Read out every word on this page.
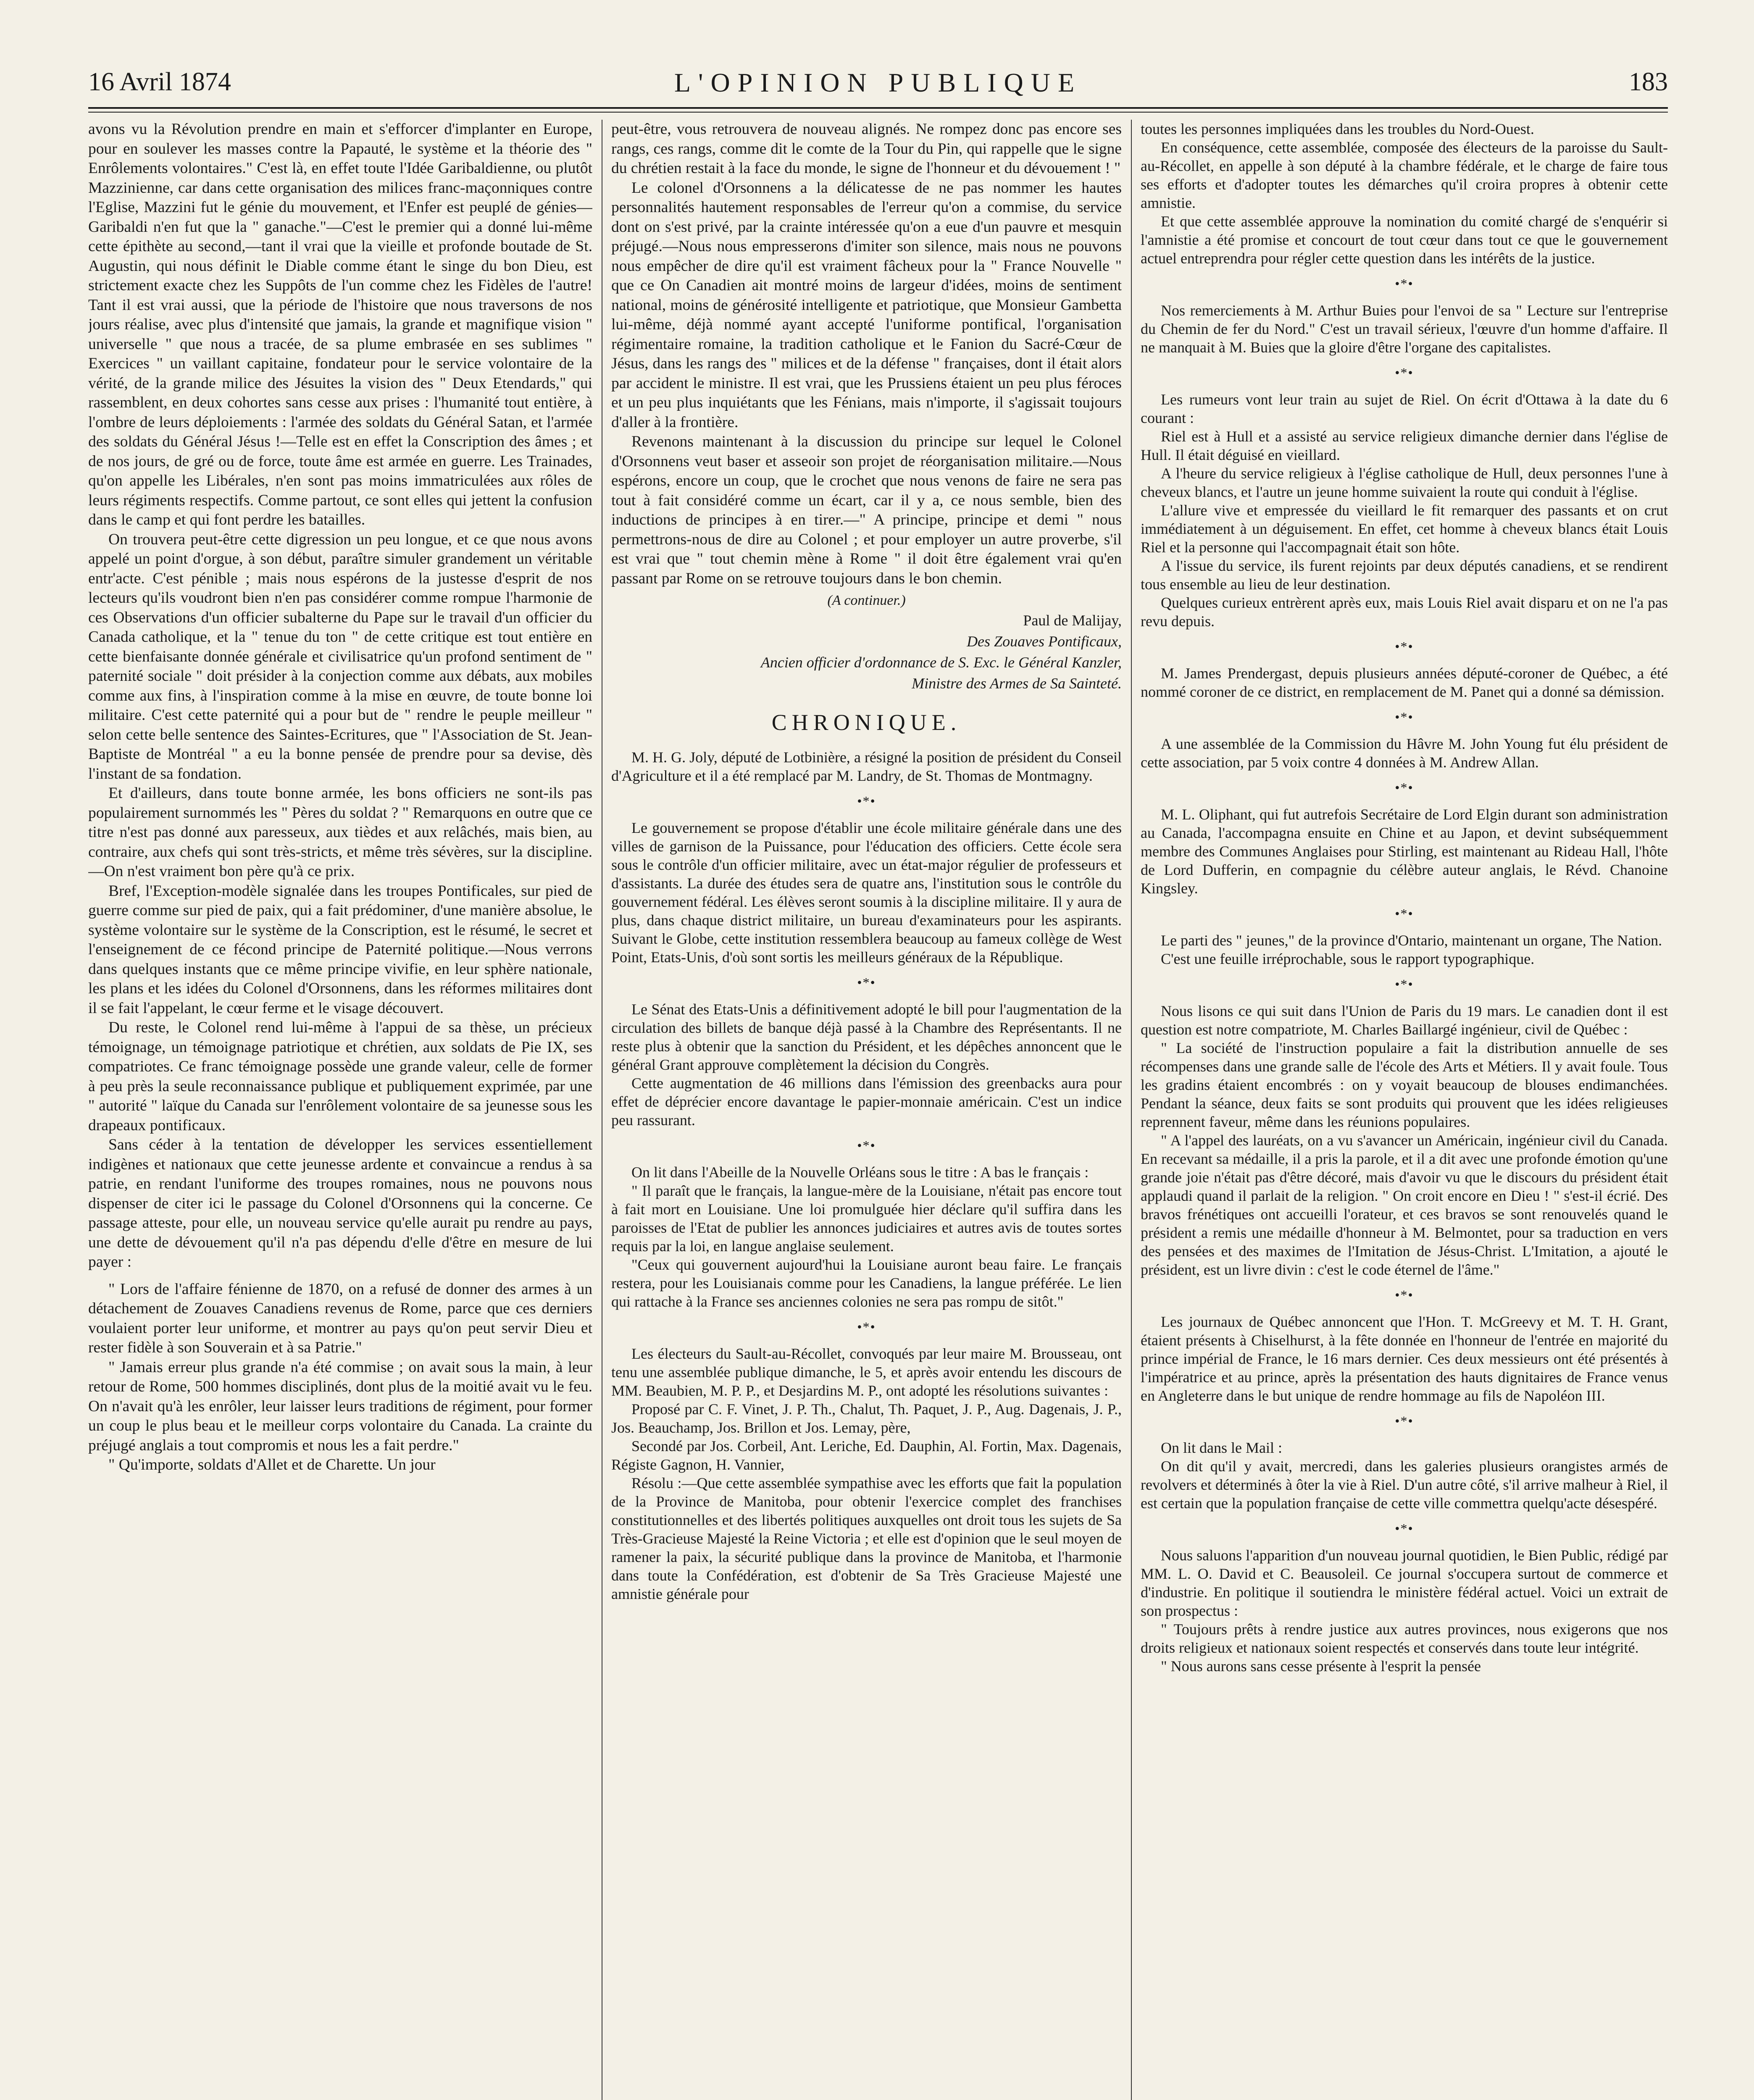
16 Avril 1874	L'OPINION PUBLIQUE	183

avons vu la Révolution prendre en main et s'efforcer d'implanter en Europe, pour en soulever les masses contre la Papauté, le système et la théorie des " Enrôlements volontaires." C'est là, en effet toute l'Idée Garibaldienne, ou plutôt Mazzinienne, car dans cette organisation des milices franc-maçonniques contre l'Eglise, Mazzini fut le génie du mouvement, et l'Enfer est peuplé de génies—Garibaldi n'en fut que la " ganache."—C'est le premier qui a donné lui-même cette épithète au second,—tant il vrai que la vieille et profonde boutade de St. Augustin, qui nous définit le Diable comme étant le singe du bon Dieu, est strictement exacte chez les Suppôts de l'un comme chez les Fidèles de l'autre! Tant il est vrai aussi, que la période de l'histoire que nous traversons de nos jours réalise, avec plus d'intensité que jamais, la grande et magnifique vision " universelle " que nous a tracée, de sa plume embrasée en ses sublimes " Exercices " un vaillant capitaine, fondateur pour le service volontaire de la vérité, de la grande milice des Jésuites la vision des " Deux Etendards," qui rassemblent, en deux cohortes sans cesse aux prises : l'humanité tout entière, à l'ombre de leurs déploiements : l'armée des soldats du Général Satan, et l'armée des soldats du Général Jésus !—Telle est en effet la Conscription des âmes ; et de nos jours, de gré ou de force, toute âme est armée en guerre. Les Trainades, qu'on appelle les Libérales, n'en sont pas moins immatriculées aux rôles de leurs régiments respectifs. Comme partout, ce sont elles qui jettent la confusion dans le camp et qui font perdre les batailles.

On trouvera peut-être cette digression un peu longue, et ce que nous avons appelé un point d'orgue, à son début, paraître simuler grandement un véritable entr'acte. C'est pénible ; mais nous espérons de la justesse d'esprit de nos lecteurs qu'ils voudront bien n'en pas considérer comme rompue l'harmonie de ces Observations d'un officier subalterne du Pape sur le travail d'un officier du Canada catholique, et la " tenue du ton " de cette critique est tout entière en cette bienfaisante donnée générale et civilisatrice qu'un profond sentiment de " paternité sociale " doit présider à la conjection comme aux débats, aux mobiles comme aux fins, à l'inspiration comme à la mise en œuvre, de toute bonne loi militaire. C'est cette paternité qui a pour but de " rendre le peuple meilleur " selon cette belle sentence des Saintes-Ecritures, que " l'Association de St. Jean-Baptiste de Montréal " a eu la bonne pensée de prendre pour sa devise, dès l'instant de sa fondation.

Et d'ailleurs, dans toute bonne armée, les bons officiers ne sont-ils pas populairement surnommés les " Pères du soldat ? " Remarquons en outre que ce titre n'est pas donné aux paresseux, aux tièdes et aux relâchés, mais bien, au contraire, aux chefs qui sont très-stricts, et même très sévères, sur la discipline.—On n'est vraiment bon père qu'à ce prix.

Bref, l'Exception-modèle signalée dans les troupes Pontificales, sur pied de guerre comme sur pied de paix, qui a fait prédominer, d'une manière absolue, le système volontaire sur le système de la Conscription, est le résumé, le secret et l'enseignement de ce fécond principe de Paternité politique.—Nous verrons dans quelques instants que ce même principe vivifie, en leur sphère nationale, les plans et les idées du Colonel d'Orsonnens, dans les réformes militaires dont il se fait l'appelant, le cœur ferme et le visage découvert.

Du reste, le Colonel rend lui-même à l'appui de sa thèse, un précieux témoignage, un témoignage patriotique et chrétien, aux soldats de Pie IX, ses compatriotes. Ce franc témoignage possède une grande valeur, celle de former à peu près la seule reconnaissance publique et publiquement exprimée, par une " autorité " laïque du Canada sur l'enrôlement volontaire de sa jeunesse sous les drapeaux pontificaux.

Sans céder à la tentation de développer les services essentiellement indigènes et nationaux que cette jeunesse ardente et convaincue a rendus à sa patrie, en rendant l'uniforme des troupes romaines, nous ne pouvons nous dispenser de citer ici le passage du Colonel d'Orsonnens qui la concerne. Ce passage atteste, pour elle, un nouveau service qu'elle aurait pu rendre au pays, une dette de dévouement qu'il n'a pas dépendu d'elle d'être en mesure de lui payer :

" Lors de l'affaire fénienne de 1870, on a refusé de donner des armes à un détachement de Zouaves Canadiens revenus de Rome, parce que ces derniers voulaient porter leur uniforme, et montrer au pays qu'on peut servir Dieu et rester fidèle à son Souverain et à sa Patrie."

" Jamais erreur plus grande n'a été commise ; on avait sous la main, à leur retour de Rome, 500 hommes disciplinés, dont plus de la moitié avait vu le feu. On n'avait qu'à les enrôler, leur laisser leurs traditions de régiment, pour former un coup le plus beau et le meilleur corps volontaire du Canada. La crainte du préjugé anglais a tout compromis et nous les a fait perdre."

" Qu'importe, soldats d'Allet et de Charette. Un jour

peut-être, vous retrouvera de nouveau alignés. Ne rompez donc pas encore ses rangs, ces rangs, comme dit le comte de la Tour du Pin, qui rappelle que le signe du chrétien restait à la face du monde, le signe de l'honneur et du dévouement ! "

Le colonel d'Orsonnens a la délicatesse de ne pas nommer les hautes personnalités hautement responsables de l'erreur qu'on a commise, du service dont on s'est privé, par la crainte intéressée qu'on a eue d'un pauvre et mesquin préjugé.—Nous nous empresserons d'imiter son silence, mais nous ne pouvons nous empêcher de dire qu'il est vraiment fâcheux pour la " France Nouvelle " que ce On Canadien ait montré moins de largeur d'idées, moins de sentiment national, moins de générosité intelligente et patriotique, que Monsieur Gambetta lui-même, déjà nommé ayant accepté l'uniforme pontifical, l'organisation régimentaire romaine, la tradition catholique et le Fanion du Sacré-Cœur de Jésus, dans les rangs des " milices et de la défense " françaises, dont il était alors par accident le ministre. Il est vrai, que les Prussiens étaient un peu plus féroces et un peu plus inquiétants que les Fénians, mais n'importe, il s'agissait toujours d'aller à la frontière.

Revenons maintenant à la discussion du principe sur lequel le Colonel d'Orsonnens veut baser et asseoir son projet de réorganisation militaire.—Nous espérons, encore un coup, que le crochet que nous venons de faire ne sera pas tout à fait considéré comme un écart, car il y a, ce nous semble, bien des inductions de principes à en tirer.—" A principe, principe et demi " nous permettrons-nous de dire au Colonel ; et pour employer un autre proverbe, s'il est vrai que " tout chemin mène à Rome " il doit être également vrai qu'en passant par Rome on se retrouve toujours dans le bon chemin.

(A continuer.)
Paul de Malijay,
Des Zouaves Pontificaux,
Ancien officier d'ordonnance de S. Exc. le Général Kanzler,
Ministre des Armes de Sa Sainteté.
CHRONIQUE.

M. H. G. Joly, député de Lotbinière, a résigné la position de président du Conseil d'Agriculture et il a été remplacé par M. Landry, de St. Thomas de Montmagny.

•*•

Le gouvernement se propose d'établir une école militaire générale dans une des villes de garnison de la Puissance, pour l'éducation des officiers. Cette école sera sous le contrôle d'un officier militaire, avec un état-major régulier de professeurs et d'assistants. La durée des études sera de quatre ans, l'institution sous le contrôle du gouvernement fédéral. Les élèves seront soumis à la discipline militaire. Il y aura de plus, dans chaque district militaire, un bureau d'examinateurs pour les aspirants. Suivant le Globe, cette institution ressemblera beaucoup au fameux collège de West Point, Etats-Unis, d'où sont sortis les meilleurs généraux de la République.

•*•

Le Sénat des Etats-Unis a définitivement adopté le bill pour l'augmentation de la circulation des billets de banque déjà passé à la Chambre des Représentants. Il ne reste plus à obtenir que la sanction du Président, et les dépêches annoncent que le général Grant approuve complètement la décision du Congrès.

Cette augmentation de 46 millions dans l'émission des greenbacks aura pour effet de déprécier encore davantage le papier-monnaie américain. C'est un indice peu rassurant.

•*•

On lit dans l'Abeille de la Nouvelle Orléans sous le titre : A bas le français :

" Il paraît que le français, la langue-mère de la Louisiane, n'était pas encore tout à fait mort en Louisiane. Une loi promulguée hier déclare qu'il suffira dans les paroisses de l'Etat de publier les annonces judiciaires et autres avis de toutes sortes requis par la loi, en langue anglaise seulement.

"Ceux qui gouvernent aujourd'hui la Louisiane auront beau faire. Le français restera, pour les Louisianais comme pour les Canadiens, la langue préférée. Le lien qui rattache à la France ses anciennes colonies ne sera pas rompu de sitôt."

•*•

Les électeurs du Sault-au-Récollet, convoqués par leur maire M. Brousseau, ont tenu une assemblée publique dimanche, le 5, et après avoir entendu les discours de MM. Beaubien, M. P. P., et Desjardins M. P., ont adopté les résolutions suivantes :

Proposé par C. F. Vinet, J. P. Th., Chalut, Th. Paquet, J. P., Aug. Dagenais, J. P., Jos. Beauchamp, Jos. Brillon et Jos. Lemay, père,

Secondé par Jos. Corbeil, Ant. Leriche, Ed. Dauphin, Al. Fortin, Max. Dagenais, Régiste Gagnon, H. Vannier,

Résolu :—Que cette assemblée sympathise avec les efforts que fait la population de la Province de Manitoba, pour obtenir l'exercice complet des franchises constitutionnelles et des libertés politiques auxquelles ont droit tous les sujets de Sa Très-Gracieuse Majesté la Reine Victoria ; et elle est d'opinion que le seul moyen de ramener la paix, la sécurité publique dans la province de Manitoba, et l'harmonie dans toute la Confédération, est d'obtenir de Sa Très Gracieuse Majesté une amnistie générale pour

toutes les personnes impliquées dans les troubles du Nord-Ouest.

En conséquence, cette assemblée, composée des électeurs de la paroisse du Sault-au-Récollet, en appelle à son député à la chambre fédérale, et le charge de faire tous ses efforts et d'adopter toutes les démarches qu'il croira propres à obtenir cette amnistie.

Et que cette assemblée approuve la nomination du comité chargé de s'enquérir si l'amnistie a été promise et concourt de tout cœur dans tout ce que le gouvernement actuel entreprendra pour régler cette question dans les intérêts de la justice.

•*•

Nos remerciements à M. Arthur Buies pour l'envoi de sa " Lecture sur l'entreprise du Chemin de fer du Nord." C'est un travail sérieux, l'œuvre d'un homme d'affaire. Il ne manquait à M. Buies que la gloire d'être l'organe des capitalistes.

•*•

Les rumeurs vont leur train au sujet de Riel. On écrit d'Ottawa à la date du 6 courant :

Riel est à Hull et a assisté au service religieux dimanche dernier dans l'église de Hull. Il était déguisé en vieillard.

A l'heure du service religieux à l'église catholique de Hull, deux personnes l'une à cheveux blancs, et l'autre un jeune homme suivaient la route qui conduit à l'église.

L'allure vive et empressée du vieillard le fit remarquer des passants et on crut immédiatement à un déguisement. En effet, cet homme à cheveux blancs était Louis Riel et la personne qui l'accompagnait était son hôte.

A l'issue du service, ils furent rejoints par deux députés canadiens, et se rendirent tous ensemble au lieu de leur destination.

Quelques curieux entrèrent après eux, mais Louis Riel avait disparu et on ne l'a pas revu depuis.

•*•

M. James Prendergast, depuis plusieurs années député-coroner de Québec, a été nommé coroner de ce district, en remplacement de M. Panet qui a donné sa démission.

•*•

A une assemblée de la Commission du Hâvre M. John Young fut élu président de cette association, par 5 voix contre 4 données à M. Andrew Allan.

•*•

M. L. Oliphant, qui fut autrefois Secrétaire de Lord Elgin durant son administration au Canada, l'accompagna ensuite en Chine et au Japon, et devint subséquemment membre des Communes Anglaises pour Stirling, est maintenant au Rideau Hall, l'hôte de Lord Dufferin, en compagnie du célèbre auteur anglais, le Révd. Chanoine Kingsley.

•*•

Le parti des " jeunes," de la province d'Ontario, maintenant un organe, The Nation.

C'est une feuille irréprochable, sous le rapport typographique.

•*•

Nous lisons ce qui suit dans l'Union de Paris du 19 mars. Le canadien dont il est question est notre compatriote, M. Charles Baillargé ingénieur, civil de Québec :

" La société de l'instruction populaire a fait la distribution annuelle de ses récompenses dans une grande salle de l'école des Arts et Métiers. Il y avait foule. Tous les gradins étaient encombrés : on y voyait beaucoup de blouses endimanchées. Pendant la séance, deux faits se sont produits qui prouvent que les idées religieuses reprennent faveur, même dans les réunions populaires.

" A l'appel des lauréats, on a vu s'avancer un Américain, ingénieur civil du Canada. En recevant sa médaille, il a pris la parole, et il a dit avec une profonde émotion qu'une grande joie n'était pas d'être décoré, mais d'avoir vu que le discours du président était applaudi quand il parlait de la religion. " On croit encore en Dieu ! " s'est-il écrié. Des bravos frénétiques ont accueilli l'orateur, et ces bravos se sont renouvelés quand le président a remis une médaille d'honneur à M. Belmontet, pour sa traduction en vers des pensées et des maximes de l'Imitation de Jésus-Christ. L'Imitation, a ajouté le président, est un livre divin : c'est le code éternel de l'âme."

•*•

Les journaux de Québec annoncent que l'Hon. T. McGreevy et M. T. H. Grant, étaient présents à Chiselhurst, à la fête donnée en l'honneur de l'entrée en majorité du prince impérial de France, le 16 mars dernier. Ces deux messieurs ont été présentés à l'impératrice et au prince, après la présentation des hauts dignitaires de France venus en Angleterre dans le but unique de rendre hommage au fils de Napoléon III.

•*•

On lit dans le Mail :

On dit qu'il y avait, mercredi, dans les galeries plusieurs orangistes armés de revolvers et déterminés à ôter la vie à Riel. D'un autre côté, s'il arrive malheur à Riel, il est certain que la population française de cette ville commettra quelqu'acte désespéré.

•*•

Nous saluons l'apparition d'un nouveau journal quotidien, le Bien Public, rédigé par MM. L. O. David et C. Beausoleil. Ce journal s'occupera surtout de commerce et d'industrie. En politique il soutiendra le ministère fédéral actuel. Voici un extrait de son prospectus :

" Toujours prêts à rendre justice aux autres provinces, nous exigerons que nos droits religieux et nationaux soient respectés et conservés dans toute leur intégrité.

" Nous aurons sans cesse présente à l'esprit la pensée
